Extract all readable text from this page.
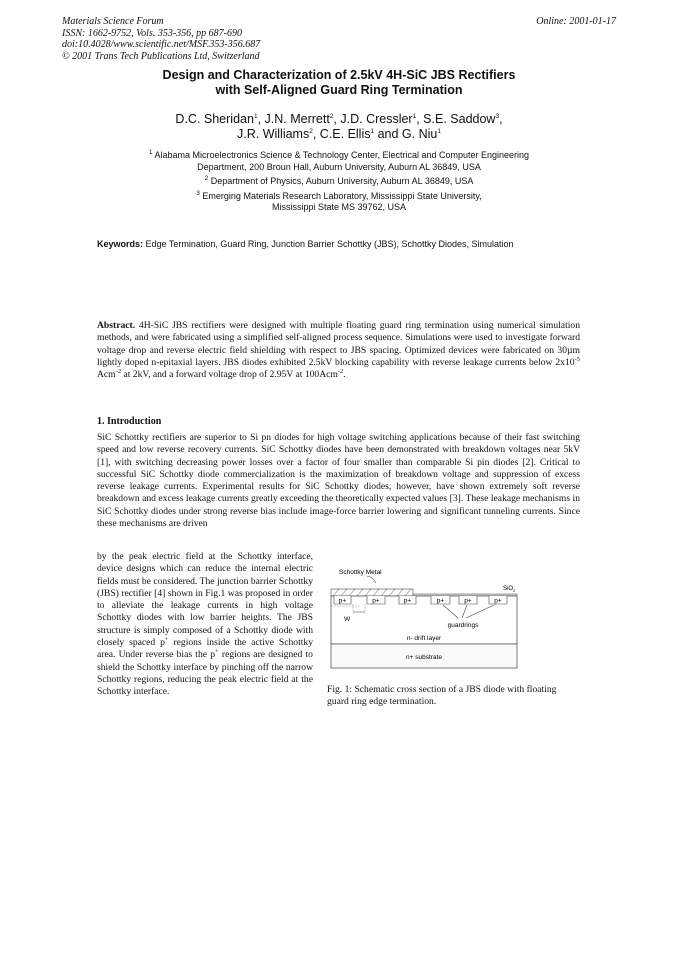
Materials Science Forum
ISSN: 1662-9752, Vols. 353-356, pp 687-690
doi:10.4028/www.scientific.net/MSF.353-356.687
© 2001 Trans Tech Publications Ltd, Switzerland
Online: 2001-01-17
Design and Characterization of 2.5kV 4H-SiC JBS Rectifiers
with Self-Aligned Guard Ring Termination
D.C. Sheridan$^1$, J.N. Merrett$^2$, J.D. Cressler$^1$, S.E. Saddow$^3$,
J.R. Williams$^2$, C.E. Ellis$^1$ and G. Niu$^1$

$^1$ Alabama Microelectronics Science & Technology Center, Electrical and Computer Engineering
Department, 200 Broun Hall, Auburn University, Auburn AL 36849, USA

$^2$ Department of Physics, Auburn University, Auburn AL 36849, USA

$^3$ Emerging Materials Research Laboratory, Mississippi State University,
Mississippi State MS 39762, USA

Keywords: Edge Termination, Guard Ring, Junction Barrier Schottky (JBS), Schottky Diodes, Simulation
Abstract. 4H-SiC JBS rectifiers were designed with multiple floating guard ring termination using numerical simulation methods, and were fabricated using a simplified self-aligned process sequence. Simulations were used to investigate forward voltage drop and reverse electric field shielding with respect to JBS spacing. Optimized devices were fabricated on 30µm lightly doped n-epitaxial layers. JBS diodes exhibited 2.5kV blocking capability with reverse leakage currents below $2x10^{-5}$ Acm$^{-2}$ at 2kV, and a forward voltage drop of 2.95V at 100Acm$^{-2}$.
1. Introduction
SiC Schottky rectifiers are superior to Si pn diodes for high voltage switching applications because of their fast switching speed and low reverse recovery currents. SiC Schottky diodes have been demonstrated with breakdown voltages near 5kV [1], with switching decreasing power losses over a factor of four smaller than comparable Si pin diodes [2]. Critical to successful SiC Schottky diode commercialization is the maximization of breakdown voltage and suppression of excess reverse leakage currents. Experimental results for SiC Schottky diodes, however, have shown extremely soft reverse breakdown and excess leakage currents greatly exceeding the theoretically expected values [3]. These leakage mechanisms in SiC Schottky diodes under strong reverse bias include image-force barrier lowering and significant tunneling currents. Since these mechanisms are driven
by the peak electric field at the Schottky interface, device designs which can reduce the internal electric fields must be considered. The junction barrier Schottky (JBS) rectifier [4] shown in Fig.1 was proposed in order to alleviate the leakage currents in high voltage Schottky diodes with low barrier heights. The JBS structure is simply composed of a Schottky diode with closely spaced p+ regions inside the active Schottky area. Under reverse bias the p+ regions are designed to shield the Schottky interface by pinching off the narrow Schottky regions, reducing the peak electric field at the Schottky interface.
Schottky Metal
SiO$_2$
p+	p+	p+	p+	p+	p+
W
guardrings
n- drift layer
n+ substrate
Fig. 1: Schematic cross section of a JBS diode with floating guard ring edge termination.
